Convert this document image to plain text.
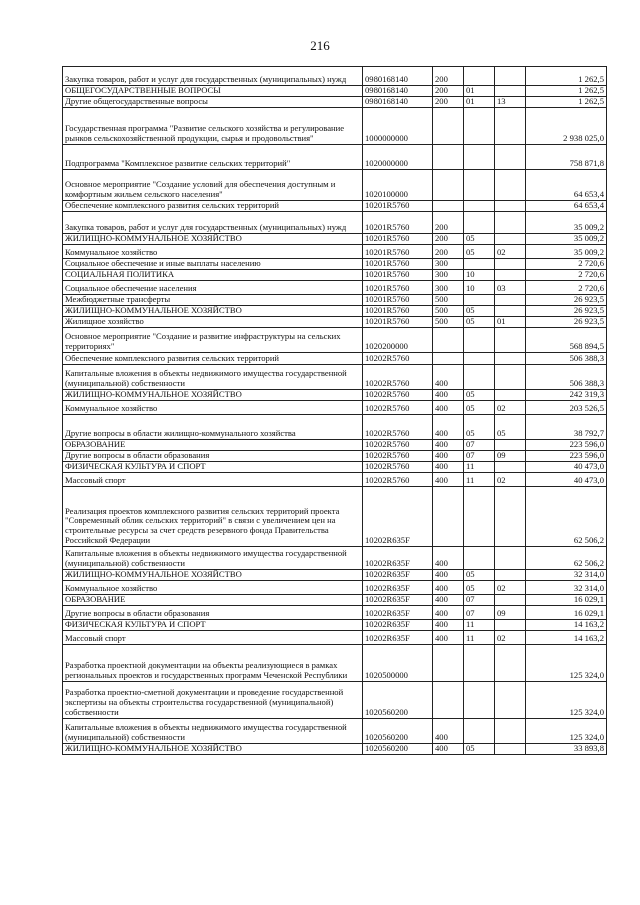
216
Закупка товаров, работ и услуг для государственных (муниципальных) нужд	0980168140	200			1 262,5
ОБЩЕГОСУДАРСТВЕННЫЕ ВОПРОСЫ	0980168140	200	01		1 262,5
Другие общегосударственные вопросы	0980168140	200	01	13	1 262,5
Государственная программа "Развитие сельского хозяйства и регулирование рынков сельскохозяйственной продукции, сырья и продовольствия"	1000000000				2 938 025,0
Подпрограмма "Комплексное развитие сельских территорий"	1020000000				758 871,8
Основное мероприятие "Создание условий для обеспечения доступным и комфортным жильем сельского населения"	1020100000				64 653,4
Обеспечение комплексного развития сельских территорий	10201R5760				64 653,4
Закупка товаров, работ и услуг для государственных (муниципальных) нужд	10201R5760	200			35 009,2
ЖИЛИЩНО-КОММУНАЛЬНОЕ ХОЗЯЙСТВО	10201R5760	200	05		35 009,2
Коммунальное хозяйство	10201R5760	200	05	02	35 009,2
Социальное обеспечение и иные выплаты населению	10201R5760	300			2 720,6
СОЦИАЛЬНАЯ ПОЛИТИКА	10201R5760	300	10		2 720,6
Социальное обеспечение населения	10201R5760	300	10	03	2 720,6
Межбюджетные трансферты	10201R5760	500			26 923,5
ЖИЛИЩНО-КОММУНАЛЬНОЕ ХОЗЯЙСТВО	10201R5760	500	05		26 923,5
Жилищное хозяйство	10201R5760	500	05	01	26 923,5
Основное мероприятие "Создание и развитие инфраструктуры на сельских территориях"	1020200000				568 894,5
Обеспечение комплексного развития сельских территорий	10202R5760				506 388,3
Капитальные вложения в объекты недвижимого имущества государственной (муниципальной) собственности	10202R5760	400			506 388,3
ЖИЛИЩНО-КОММУНАЛЬНОЕ ХОЗЯЙСТВО	10202R5760	400	05		242 319,3
Коммунальное хозяйство	10202R5760	400	05	02	203 526,5
Другие вопросы в области жилищно-коммунального хозяйства	10202R5760	400	05	05	38 792,7
ОБРАЗОВАНИЕ	10202R5760	400	07		223 596,0
Другие вопросы в области образования	10202R5760	400	07	09	223 596,0
ФИЗИЧЕСКАЯ КУЛЬТУРА И СПОРТ	10202R5760	400	11		40 473,0
Массовый спорт	10202R5760	400	11	02	40 473,0
Реализация проектов комплексного развития сельских территорий проекта "Современный облик сельских территорий" в связи с увеличением цен на строительные ресурсы за счет средств резервного фонда Правительства Российской Федерации	10202R635F				62 506,2
Капитальные вложения в объекты недвижимого имущества государственной (муниципальной) собственности	10202R635F	400			62 506,2
ЖИЛИЩНО-КОММУНАЛЬНОЕ ХОЗЯЙСТВО	10202R635F	400	05		32 314,0
Коммунальное хозяйство	10202R635F	400	05	02	32 314,0
ОБРАЗОВАНИЕ	10202R635F	400	07		16 029,1
Другие вопросы в области образования	10202R635F	400	07	09	16 029,1
ФИЗИЧЕСКАЯ КУЛЬТУРА И СПОРТ	10202R635F	400	11		14 163,2
Массовый спорт	10202R635F	400	11	02	14 163,2
Разработка проектной документации на объекты реализующиеся в рамках региональных проектов и государственных программ Чеченской Республики	1020500000				125 324,0
Разработка проектно-сметной документации и проведение государственной экспертизы на объекты строительства государственной (муниципальной) собственности	1020560200				125 324,0
Капитальные вложения в объекты недвижимого имущества государственной (муниципальной) собственности	1020560200	400			125 324,0
ЖИЛИЩНО-КОММУНАЛЬНОЕ ХОЗЯЙСТВО	1020560200	400	05		33 893,8
